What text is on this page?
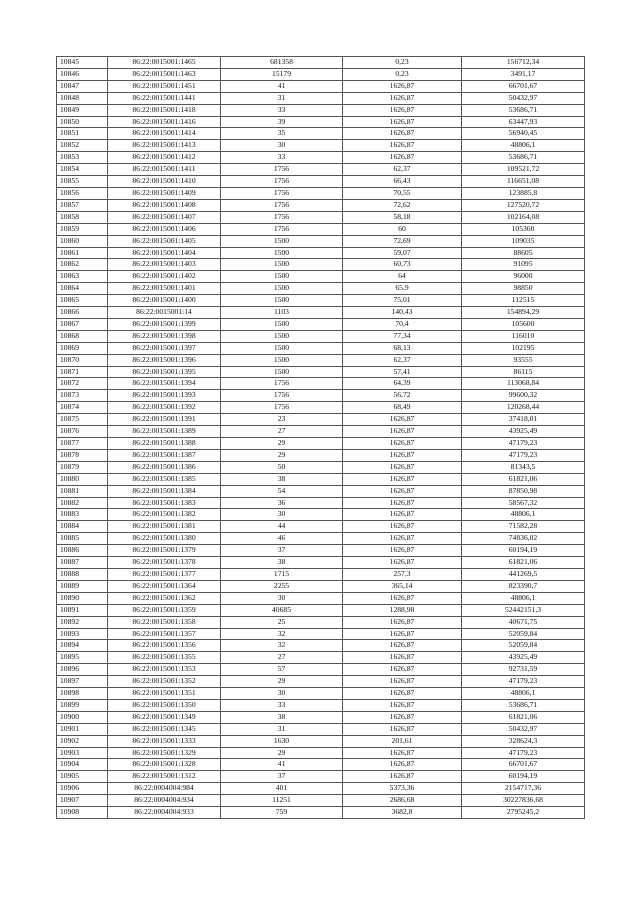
10845	86:22:0015001:1465	681358	0,23	156712,34
10846	86:22:0015001:1463	15179	0,23	3491,17
10847	86:22:0015001:1451	41	1626,87	66701,67
10848	86:22:0015001:1441	31	1626,87	50432,97
10849	86:22:0015001:1418	33	1626,87	53686,71
10850	86:22:0015001:1416	39	1626,87	63447,93
10851	86:22:0015001:1414	35	1626,87	56940,45
10852	86:22:0015001:1413	30	1626,87	48806,1
10853	86:22:0015001:1412	33	1626,87	53686,71
10854	86:22:0015001:1411	1756	62,37	109521,72
10855	86:22:0015001:1410	1756	66,43	116651,08
10856	86:22:0015001:1409	1756	70,55	123885,8
10857	86:22:0015001:1408	1756	72,62	127520,72
10858	86:22:0015001:1407	1756	58,18	102164,08
10859	86:22:0015001:1406	1756	60	105360
10860	86:22:0015001:1405	1500	72,69	109035
10861	86:22:0015001:1404	1500	59,07	88605
10862	86:22:0015001:1403	1500	60,73	91095
10863	86:22:0015001:1402	1500	64	96000
10864	86:22:0015001:1401	1500	65,9	98850
10865	86:22:0015001:1400	1500	75,01	112515
10866	86:22:0015001:14	1103	140,43	154894,29
10867	86:22:0015001:1399	1500	70,4	105600
10868	86:22:0015001:1398	1500	77,34	116010
10869	86:22:0015001:1397	1500	68,13	102195
10870	86:22:0015001:1396	1500	62,37	93555
10871	86:22:0015001:1395	1500	57,41	86115
10872	86:22:0015001:1394	1756	64,39	113068,84
10873	86:22:0015001:1393	1756	56,72	99600,32
10874	86:22:0015001:1392	1756	68,49	120268,44
10875	86:22:0015001:1391	23	1626,87	37418,01
10876	86:22:0015001:1389	27	1626,87	43925,49
10877	86:22:0015001:1388	29	1626,87	47179,23
10878	86:22:0015001:1387	29	1626,87	47179,23
10879	86:22:0015001:1386	50	1626,87	81343,5
10880	86:22:0015001:1385	38	1626,87	61821,06
10881	86:22:0015001:1384	54	1626,87	87850,98
10882	86:22:0015001:1383	36	1626,87	58567,32
10883	86:22:0015001:1382	30	1626,87	48806,1
10884	86:22:0015001:1381	44	1626,87	71582,28
10885	86:22:0015001:1380	46	1626,87	74836,02
10886	86:22:0015001:1379	37	1626,87	60194,19
10887	86:22:0015001:1378	38	1626,87	61821,06
10888	86:22:0015001:1377	1715	257,3	441269,5
10889	86:22:0015001:1364	2255	365,14	823390,7
10890	86:22:0015001:1362	30	1626,87	48806,1
10891	86:22:0015001:1359	40685	1288,98	52442151,3
10892	86:22:0015001:1358	25	1626,87	40671,75
10893	86:22:0015001:1357	32	1626,87	52059,84
10894	86:22:0015001:1356	32	1626,87	52059,84
10895	86:22:0015001:1355	27	1626,87	43925,49
10896	86:22:0015001:1353	57	1626,87	92731,59
10897	86:22:0015001:1352	29	1626,87	47179,23
10898	86:22:0015001:1351	30	1626,87	48806,1
10899	86:22:0015001:1350	33	1626,87	53686,71
10900	86:22:0015001:1349	38	1626,87	61821,06
10901	86:22:0015001:1345	31	1626,87	50432,97
10902	86:22:0015001:1333	1630	201,61	328624,3
10903	86:22:0015001:1329	29	1626,87	47179,23
10904	86:22:0015001:1328	41	1626,87	66701,67
10905	86:22:0015001:1312	37	1626,87	60194,19
10906	86:22:0004004:984	401	5373,36	2154717,36
10907	86:22:0004004:934	11251	2686,68	30227836,68
10908	86:22:0004004:933	759	3682,8	2795245,2
